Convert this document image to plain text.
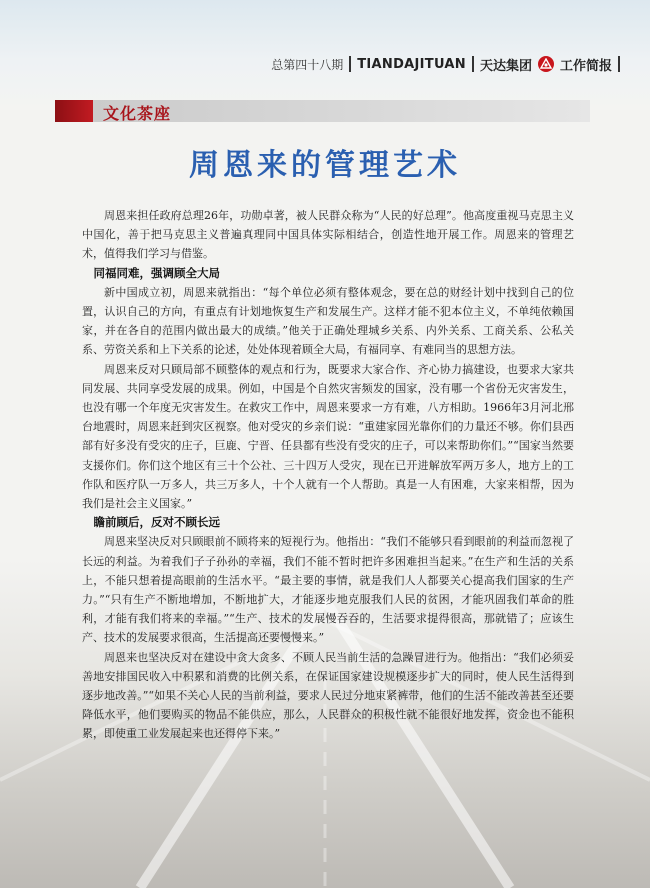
总第四十八期 TIANDAJITUAN 天达集团 工作简报
文化茶座
周恩来的管理艺术

周恩来担任政府总理26年，功勋卓著，被人民群众称为“人民的好总理”。他高度重视马克思主义中国化，善于把马克思主义普遍真理同中国具体实际相结合，创造性地开展工作。周恩来的管理艺术，值得我们学习与借鉴。

同福同难，强调顾全大局

新中国成立初，周恩来就指出：“每个单位必须有整体观念，要在总的财经计划中找到自己的位置，认识自己的方向，有重点有计划地恢复生产和发展生产。这样才能不犯本位主义，不单纯依赖国家，并在各自的范围内做出最大的成绩。”他关于正确处理城乡关系、内外关系、工商关系、公私关系、劳资关系和上下关系的论述，处处体现着顾全大局，有福同享、有难同当的思想方法。

周恩来反对只顾局部不顾整体的观点和行为，既要求大家合作、齐心协力搞建设，也要求大家共同发展、共同享受发展的成果。例如，中国是个自然灾害频发的国家，没有哪一个省份无灾害发生，也没有哪一个年度无灾害发生。在救灾工作中，周恩来要求一方有难，八方相助。1966年3月河北邢台地震时，周恩来赶到灾区视察。他对受灾的乡亲们说：“重建家园光靠你们的力量还不够。你们县西部有好多没有受灾的庄子，巨鹿、宁晋、任县都有些没有受灾的庄子，可以来帮助你们。”“国家当然要支援你们。你们这个地区有三十个公社、三十四万人受灾，现在已开进解放军两万多人，地方上的工作队和医疗队一万多人，共三万多人，十个人就有一个人帮助。真是一人有困难，大家来相帮，因为我们是社会主义国家。”

瞻前顾后，反对不顾长远

周恩来坚决反对只顾眼前不顾将来的短视行为。他指出：“我们不能够只看到眼前的利益而忽视了长远的利益。为着我们子子孙孙的幸福，我们不能不暂时把许多困难担当起来。”在生产和生活的关系上，不能只想着提高眼前的生活水平。“最主要的事情，就是我们人人都要关心提高我们国家的生产力。”“只有生产不断地增加，不断地扩大，才能逐步地克服我们人民的贫困，才能巩固我们革命的胜利，才能有我们将来的幸福。”“生产、技术的发展慢吞吞的，生活要求提得很高，那就错了；应该生产、技术的发展要求很高，生活提高还要慢慢来。”

周恩来也坚决反对在建设中贪大贪多、不顾人民当前生活的急躁冒进行为。他指出：“我们必须妥善地安排国民收入中积累和消费的比例关系，在保证国家建设规模逐步扩大的同时，使人民生活得到逐步地改善。”“如果不关心人民的当前利益，要求人民过分地束紧裤带，他们的生活不能改善甚至还要降低水平，他们要购买的物品不能供应，那么，人民群众的积极性就不能很好地发挥，资金也不能积累，即使重工业发展起来也还得停下来。”
